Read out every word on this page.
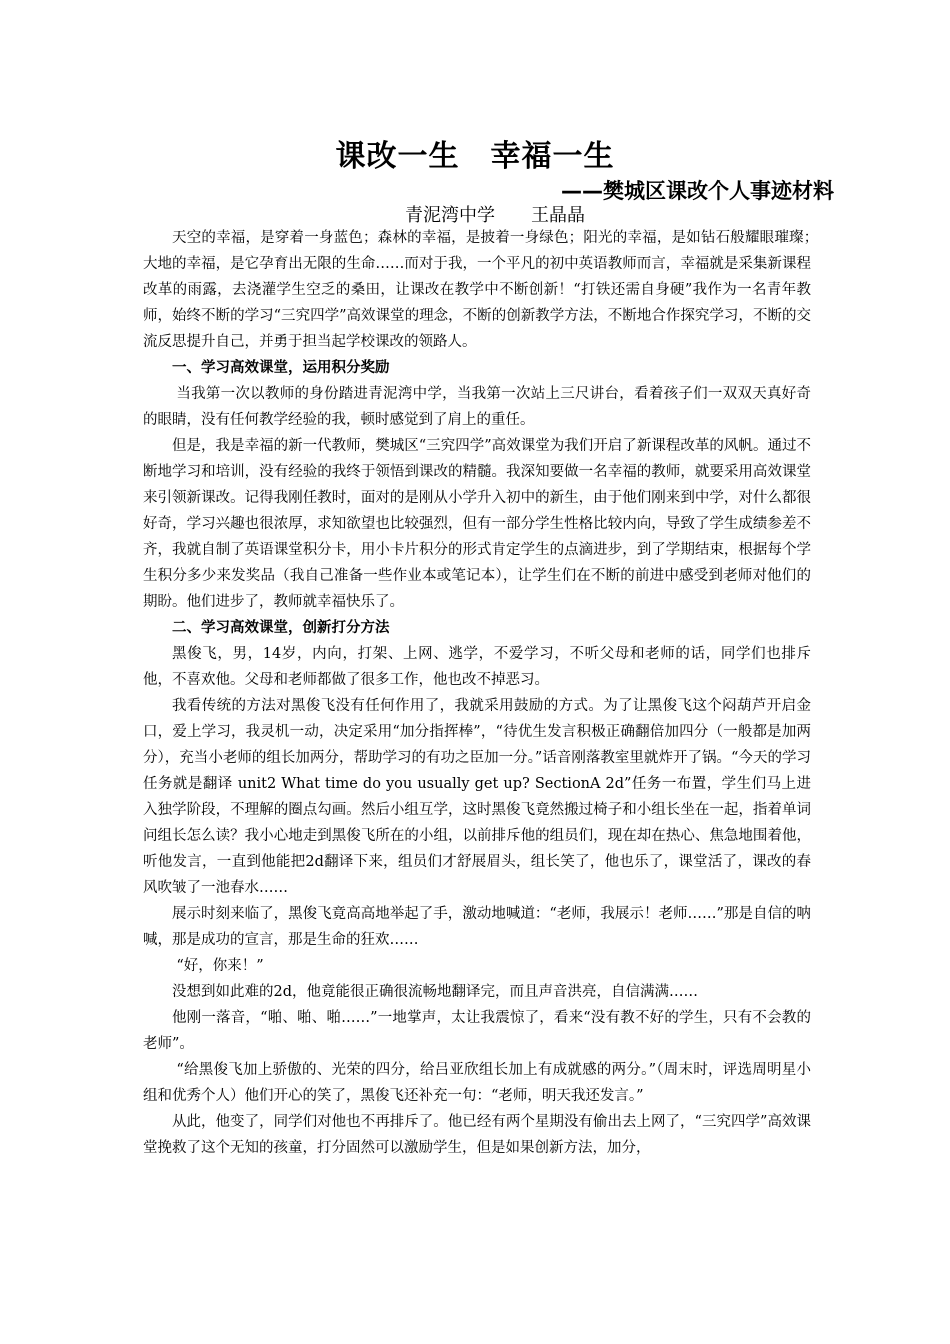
课改一生　幸福一生
——樊城区课改个人事迹材料
青泥湾中学　　王晶晶

天空的幸福，是穿着一身蓝色；森林的幸福，是披着一身绿色；阳光的幸福，是如钻石般耀眼璀璨；　大地的幸福，是它孕育出无限的生命……而对于我，一个平凡的初中英语教师而言，幸福就是采集新课程改革的雨露，去浇灌学生空乏的桑田，让课改在教学中不断创新！“打铁还需自身硬”我作为一名青年教师，始终不断的学习“三究四学”高效课堂的理念，不断的创新教学方法，不断地合作探究学习，不断的交流反思提升自己，并勇于担当起学校课改的领路人。

一、学习高效课堂，运用积分奖励

当我第一次以教师的身份踏进青泥湾中学，当我第一次站上三尺讲台，看着孩子们一双双天真好奇的眼睛，没有任何教学经验的我，顿时感觉到了肩上的重任。

但是，我是幸福的新一代教师，樊城区“三究四学”高效课堂为我们开启了新课程改革的风帆。通过不断地学习和培训，没有经验的我终于领悟到课改的精髓。我深知要做一名幸福的教师，就要采用高效课堂来引领新课改。记得我刚任教时，面对的是刚从小学升入初中的新生，由于他们刚来到中学，对什么都很好奇，学习兴趣也很浓厚，求知欲望也比较强烈，但有一部分学生性格比较内向，导致了学生成绩参差不齐，我就自制了英语课堂积分卡，用小卡片积分的形式肯定学生的点滴进步，到了学期结束，根据每个学生积分多少来发奖品（我自己准备一些作业本或笔记本），让学生们在不断的前进中感受到老师对他们的期盼。他们进步了，教师就幸福快乐了。

二、学习高效课堂，创新打分方法

黑俊飞，男，14岁，内向，打架、上网、逃学，不爱学习，不听父母和老师的话，同学们也排斥他，不喜欢他。父母和老师都做了很多工作，他也改不掉恶习。

我看传统的方法对黑俊飞没有任何作用了，我就采用鼓励的方式。为了让黑俊飞这个闷葫芦开启金口，爱上学习，我灵机一动，决定采用“加分指挥棒”，“待优生发言积极正确翻倍加四分（一般都是加两分），充当小老师的组长加两分，帮助学习的有功之臣加一分。”话音刚落教室里就炸开了锅。“今天的学习任务就是翻译 unit2 What time do you usually get up? SectionA 2d”任务一布置，学生们马上进入独学阶段，不理解的圈点勾画。然后小组互学，这时黑俊飞竟然搬过椅子和小组长坐在一起，指着单词问组长怎么读？我小心地走到黑俊飞所在的小组，以前排斥他的组员们，现在却在热心、焦急地围着他，听他发言，一直到他能把2d翻译下来，组员们才舒展眉头，组长笑了，他也乐了，课堂活了，课改的春风吹皱了一池春水……

展示时刻来临了，黑俊飞竟高高地举起了手，激动地喊道：“老师，我展示！老师……”那是自信的呐喊，那是成功的宣言，那是生命的狂欢……

“好，你来！”

没想到如此难的2d，他竟能很正确很流畅地翻译完，而且声音洪亮，自信满满……

他刚一落音，“啪、啪、啪……”一地掌声，太让我震惊了，看来“没有教不好的学生，只有不会教的老师”。

“给黑俊飞加上骄傲的、光荣的四分，给吕亚欣组长加上有成就感的两分。”（周末时，评选周明星小组和优秀个人）他们开心的笑了，黑俊飞还补充一句：“老师，明天我还发言。”

从此，他变了，同学们对他也不再排斥了。他已经有两个星期没有偷出去上网了，“三究四学”高效课堂挽救了这个无知的孩童，打分固然可以激励学生，但是如果创新方法，加分，
